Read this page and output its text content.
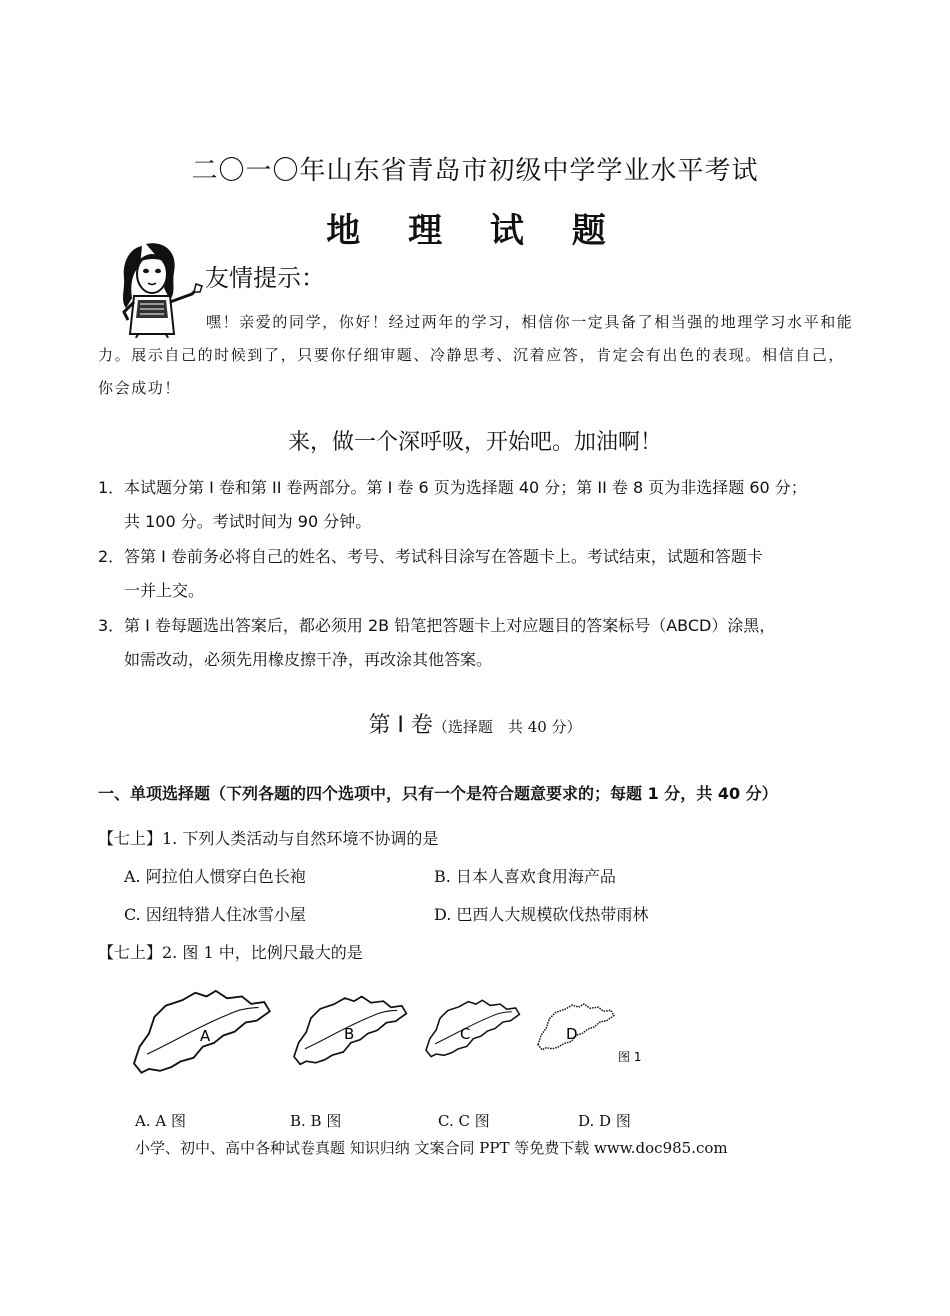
二〇一〇年山东省青岛市初级中学学业水平考试
地 理 试 题
友情提示：
嘿！亲爱的同学，你好！经过两年的学习，相信你一定具备了相当强的地理学习水平和能力。展示自己的时候到了，只要你仔细审题、冷静思考、沉着应答，肯定会有出色的表现。相信自己，你会成功！
来，做一个深呼吸，开始吧。加油啊！
1．本试题分第 I 卷和第 II 卷两部分。第 I 卷 6 页为选择题 40 分；第 II 卷 8 页为非选择题 60 分；
共 100 分。考试时间为 90 分钟。
2．答第 I 卷前务必将自己的姓名、考号、考试科目涂写在答题卡上。考试结束，试题和答题卡
一并上交。
3．第 I 卷每题选出答案后，都必须用 2B 铅笔把答题卡上对应题目的答案标号（ABCD）涂黑，
如需改动，必须先用橡皮擦干净，再改涂其他答案。
第 Ⅰ 卷（选择题　共 40 分）
一、单项选择题（下列各题的四个选项中，只有一个是符合题意要求的；每题 1 分，共 40 分）
【七上】1. 下列人类活动与自然环境不协调的是
A. 阿拉伯人惯穿白色长袍	B. 日本人喜欢食用海产品
C. 因纽特猎人住冰雪小屋	D. 巴西人大规模砍伐热带雨林
【七上】2. 图 1 中，比例尺最大的是
A	B	C	D
图 1
A. A 图	B. B 图	C. C 图	D. D 图
小学、初中、高中各种试卷真题 知识归纳 文案合同 PPT 等免费下载 www.doc985.com
